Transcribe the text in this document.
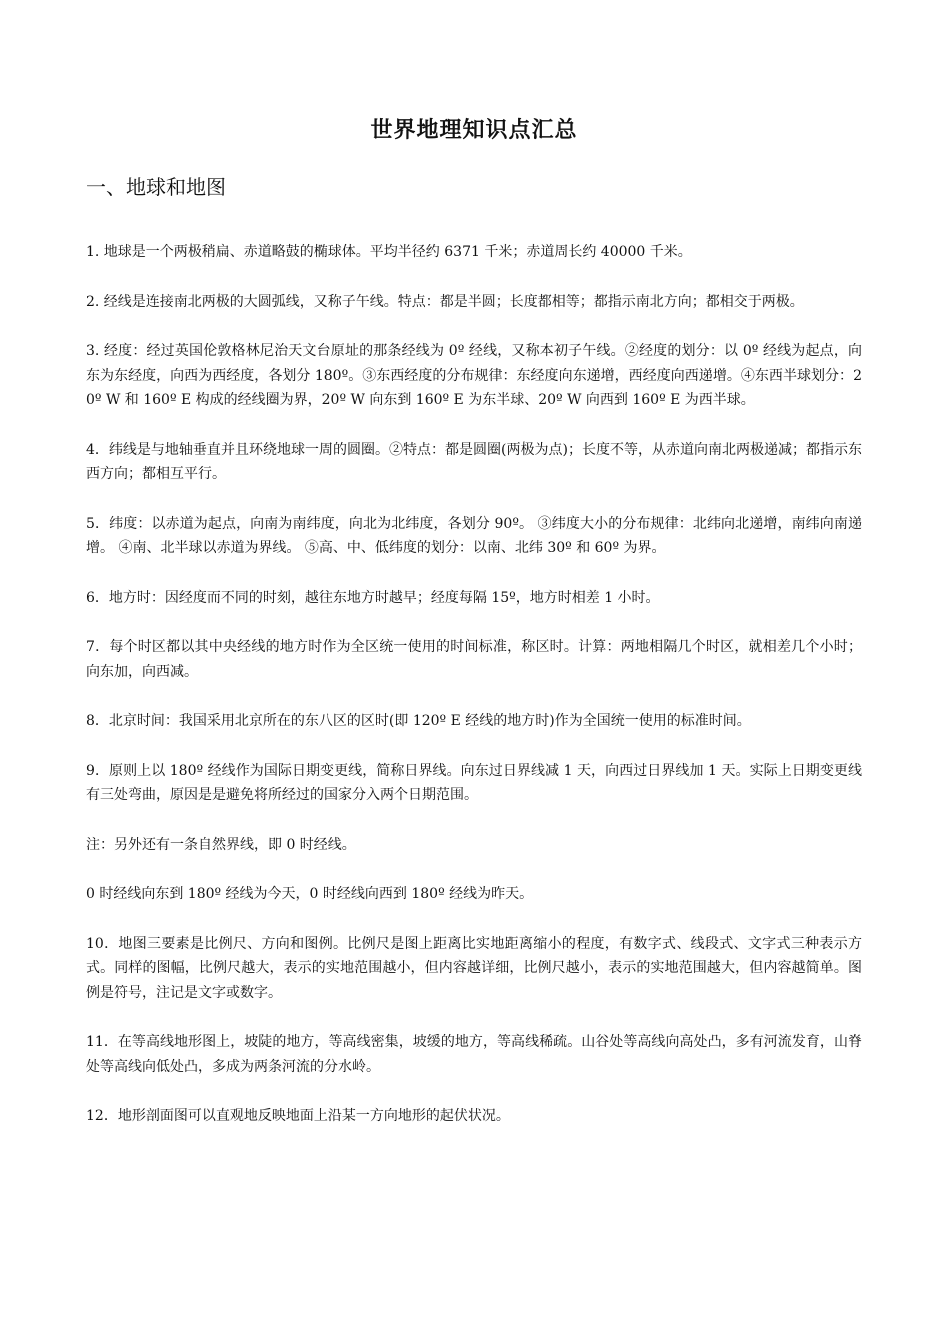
世界地理知识点汇总
一、地球和地图

1. 地球是一个两极稍扁、赤道略鼓的椭球体。平均半径约 6371 千米；赤道周长约 40000 千米。

2. 经线是连接南北两极的大圆弧线，又称子午线。特点：都是半圆；长度都相等；都指示南北方向；都相交于两极。

3. 经度：经过英国伦敦格林尼治天文台原址的那条经线为 0º 经线，又称本初子午线。②经度的划分：以 0º 经线为起点，向东为东经度，向西为西经度，各划分 180º。③东西经度的分布规律：东经度向东递增，西经度向西递增。④东西半球划分：20º W 和 160º E 构成的经线圈为界，20º W 向东到 160º E 为东半球、20º W 向西到 160º E 为西半球。

4．纬线是与地轴垂直并且环绕地球一周的圆圈。②特点：都是圆圈(两极为点)；长度不等，从赤道向南北两极递减；都指示东西方向；都相互平行。

5．纬度：以赤道为起点，向南为南纬度，向北为北纬度，各划分 90º。 ③纬度大小的分布规律：北纬向北递增，南纬向南递增。 ④南、北半球以赤道为界线。 ⑤高、中、低纬度的划分：以南、北纬 30º 和 60º 为界。

6．地方时：因经度而不同的时刻，越往东地方时越早；经度每隔 15º，地方时相差 1 小时。

7．每个时区都以其中央经线的地方时作为全区统一使用的时间标准，称区时。计算：两地相隔几个时区，就相差几个小时；向东加，向西减。

8．北京时间：我国采用北京所在的东八区的区时(即 120º E 经线的地方时)作为全国统一使用的标准时间。

9．原则上以 180º 经线作为国际日期变更线，简称日界线。向东过日界线减 1 天，向西过日界线加 1 天。实际上日期变更线有三处弯曲，原因是是避免将所经过的国家分入两个日期范围。

注：另外还有一条自然界线，即 0 时经线。

0 时经线向东到 180º 经线为今天，0 时经线向西到 180º 经线为昨天。

10．地图三要素是比例尺、方向和图例。比例尺是图上距离比实地距离缩小的程度，有数字式、线段式、文字式三种表示方式。同样的图幅，比例尺越大，表示的实地范围越小，但内容越详细，比例尺越小，表示的实地范围越大，但内容越简单。图例是符号，注记是文字或数字。

11．在等高线地形图上，坡陡的地方，等高线密集，坡缓的地方，等高线稀疏。山谷处等高线向高处凸，多有河流发育，山脊处等高线向低处凸，多成为两条河流的分水岭。

12．地形剖面图可以直观地反映地面上沿某一方向地形的起伏状况。
